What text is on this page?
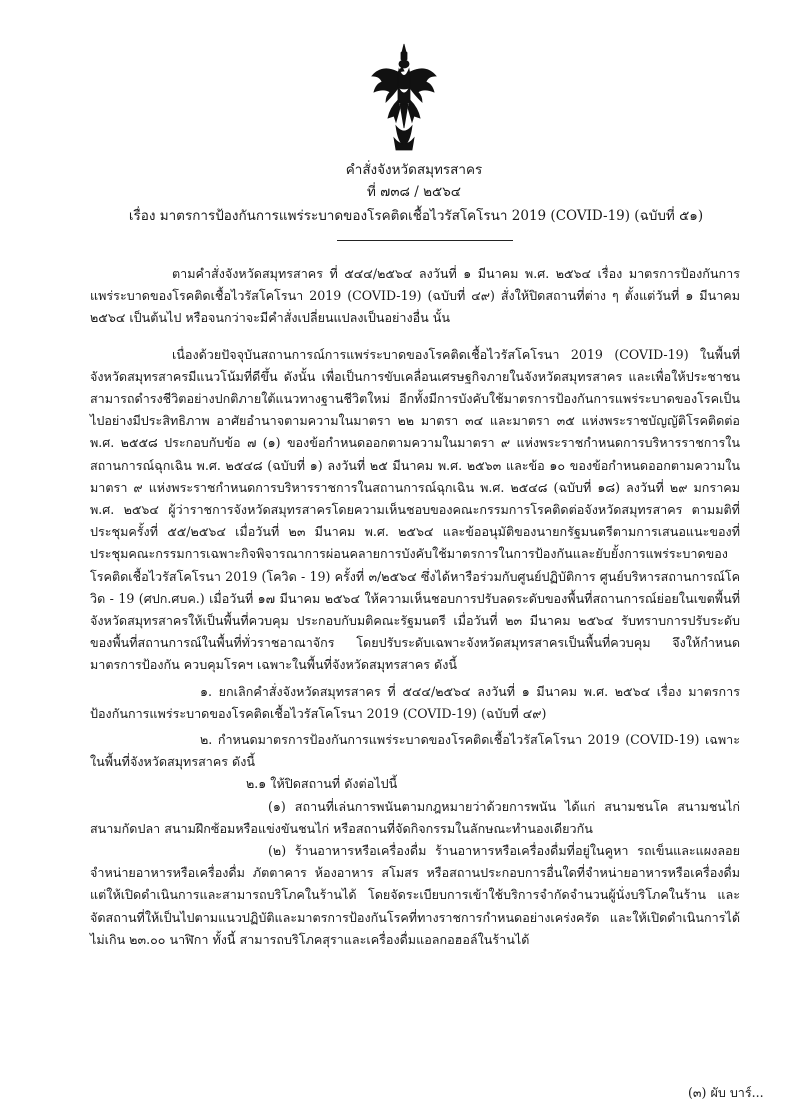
คำสั่งจังหวัดสมุทรสาคร
ที่ ๗๓๘ / ๒๕๖๔
เรื่อง มาตรการป้องกันการแพร่ระบาดของโรคติดเชื้อไวรัสโคโรนา 2019 (COVID-19) (ฉบับที่ ๕๑)

ตามคำสั่งจังหวัดสมุทรสาคร ที่ ๕๔๔/๒๕๖๔ ลงวันที่ ๑ มีนาคม พ.ศ. ๒๕๖๔ เรื่อง มาตรการป้องกันการแพร่ระบาดของโรคติดเชื้อไวรัสโคโรนา 2019 (COVID-19) (ฉบับที่ ๔๙) สั่งให้ปิดสถานที่ต่าง ๆ ตั้งแต่วันที่ ๑ มีนาคม ๒๕๖๔ เป็นต้นไป หรือจนกว่าจะมีคำสั่งเปลี่ยนแปลงเป็นอย่างอื่น นั้น

เนื่องด้วยปัจจุบันสถานการณ์การแพร่ระบาดของโรคติดเชื้อไวรัสโคโรนา 2019 (COVID-19) ในพื้นที่จังหวัดสมุทรสาครมีแนวโน้มที่ดีขึ้น ดังนั้น เพื่อเป็นการขับเคลื่อนเศรษฐกิจภายในจังหวัดสมุทรสาคร และเพื่อให้ประชาชนสามารถดำรงชีวิตอย่างปกติภายใต้แนวทางฐานชีวิตใหม่ อีกทั้งมีการบังคับใช้มาตรการป้องกันการแพร่ระบาดของโรคเป็นไปอย่างมีประสิทธิภาพ อาศัยอำนาจตามความในมาตรา ๒๒ มาตรา ๓๔ และมาตรา ๓๕ แห่งพระราชบัญญัติโรคติดต่อ พ.ศ. ๒๕๕๘ ประกอบกับข้อ ๗ (๑) ของข้อกำหนดออกตามความในมาตรา ๙ แห่งพระราชกำหนดการบริหารราชการในสถานการณ์ฉุกเฉิน พ.ศ. ๒๕๔๘ (ฉบับที่ ๑) ลงวันที่ ๒๕ มีนาคม พ.ศ. ๒๕๖๓ และข้อ ๑๐ ของข้อกำหนดออกตามความในมาตรา ๙ แห่งพระราชกำหนดการบริหารราชการในสถานการณ์ฉุกเฉิน พ.ศ. ๒๕๔๘ (ฉบับที่ ๑๘) ลงวันที่ ๒๙ มกราคม พ.ศ. ๒๕๖๔ ผู้ว่าราชการจังหวัดสมุทรสาครโดยความเห็นชอบของคณะกรรมการโรคติดต่อจังหวัดสมุทรสาคร ตามมติที่ประชุมครั้งที่ ๕๕/๒๕๖๔ เมื่อวันที่ ๒๓ มีนาคม พ.ศ. ๒๕๖๔ และข้ออนุมัติของนายกรัฐมนตรีตามการเสนอแนะของที่ประชุมคณะกรรมการเฉพาะกิจพิจารณาการผ่อนคลายการบังคับใช้มาตรการในการป้องกันและยับยั้งการแพร่ระบาดของโรคติดเชื้อไวรัสโคโรนา 2019 (โควิด - 19) ครั้งที่ ๓/๒๕๖๔ ซึ่งได้หารือร่วมกับศูนย์ปฏิบัติการ ศูนย์บริหารสถานการณ์โควิด - 19 (ศปก.ศบค.) เมื่อวันที่ ๑๗ มีนาคม ๒๕๖๔ ให้ความเห็นชอบการปรับลดระดับของพื้นที่สถานการณ์ย่อยในเขตพื้นที่จังหวัดสมุทรสาครให้เป็นพื้นที่ควบคุม ประกอบกับมติคณะรัฐมนตรี เมื่อวันที่ ๒๓ มีนาคม ๒๕๖๔ รับทราบการปรับระดับของพื้นที่สถานการณ์ในพื้นที่ทั่วราชอาณาจักร โดยปรับระดับเฉพาะจังหวัดสมุทรสาครเป็นพื้นที่ควบคุม จึงให้กำหนดมาตรการป้องกัน ควบคุมโรคฯ เฉพาะในพื้นที่จังหวัดสมุทรสาคร ดังนี้

๑. ยกเลิกคำสั่งจังหวัดสมุทรสาคร ที่ ๕๔๔/๒๕๖๔ ลงวันที่ ๑ มีนาคม พ.ศ. ๒๕๖๔ เรื่อง มาตรการป้องกันการแพร่ระบาดของโรคติดเชื้อไวรัสโคโรนา 2019 (COVID-19) (ฉบับที่ ๔๙)

๒. กำหนดมาตรการป้องกันการแพร่ระบาดของโรคติดเชื้อไวรัสโคโรนา 2019 (COVID-19) เฉพาะในพื้นที่จังหวัดสมุทรสาคร ดังนี้

๒.๑ ให้ปิดสถานที่ ดังต่อไปนี้

(๑) สถานที่เล่นการพนันตามกฎหมายว่าด้วยการพนัน ได้แก่ สนามชนโค สนามชนไก่ สนามกัดปลา สนามฝึกซ้อมหรือแข่งขันชนไก่ หรือสถานที่จัดกิจกรรมในลักษณะทำนองเดียวกัน

(๒) ร้านอาหารหรือเครื่องดื่ม ร้านอาหารหรือเครื่องดื่มที่อยู่ในคูหา รถเข็นและแผงลอยจำหน่ายอาหารหรือเครื่องดื่ม ภัตตาคาร ห้องอาหาร สโมสร หรือสถานประกอบการอื่นใดที่จำหน่ายอาหารหรือเครื่องดื่ม แต่ให้เปิดดำเนินการและสามารถบริโภคในร้านได้ โดยจัดระเบียบการเข้าใช้บริการจำกัดจำนวนผู้นั่งบริโภคในร้าน และจัดสถานที่ให้เป็นไปตามแนวปฏิบัติและมาตรการป้องกันโรคที่ทางราชการกำหนดอย่างเคร่งครัด และให้เปิดดำเนินการได้ไม่เกิน ๒๓.๐๐ นาฬิกา ทั้งนี้ สามารถบริโภคสุราและเครื่องดื่มแอลกอฮอล์ในร้านได้

(๓) ผับ บาร์...
